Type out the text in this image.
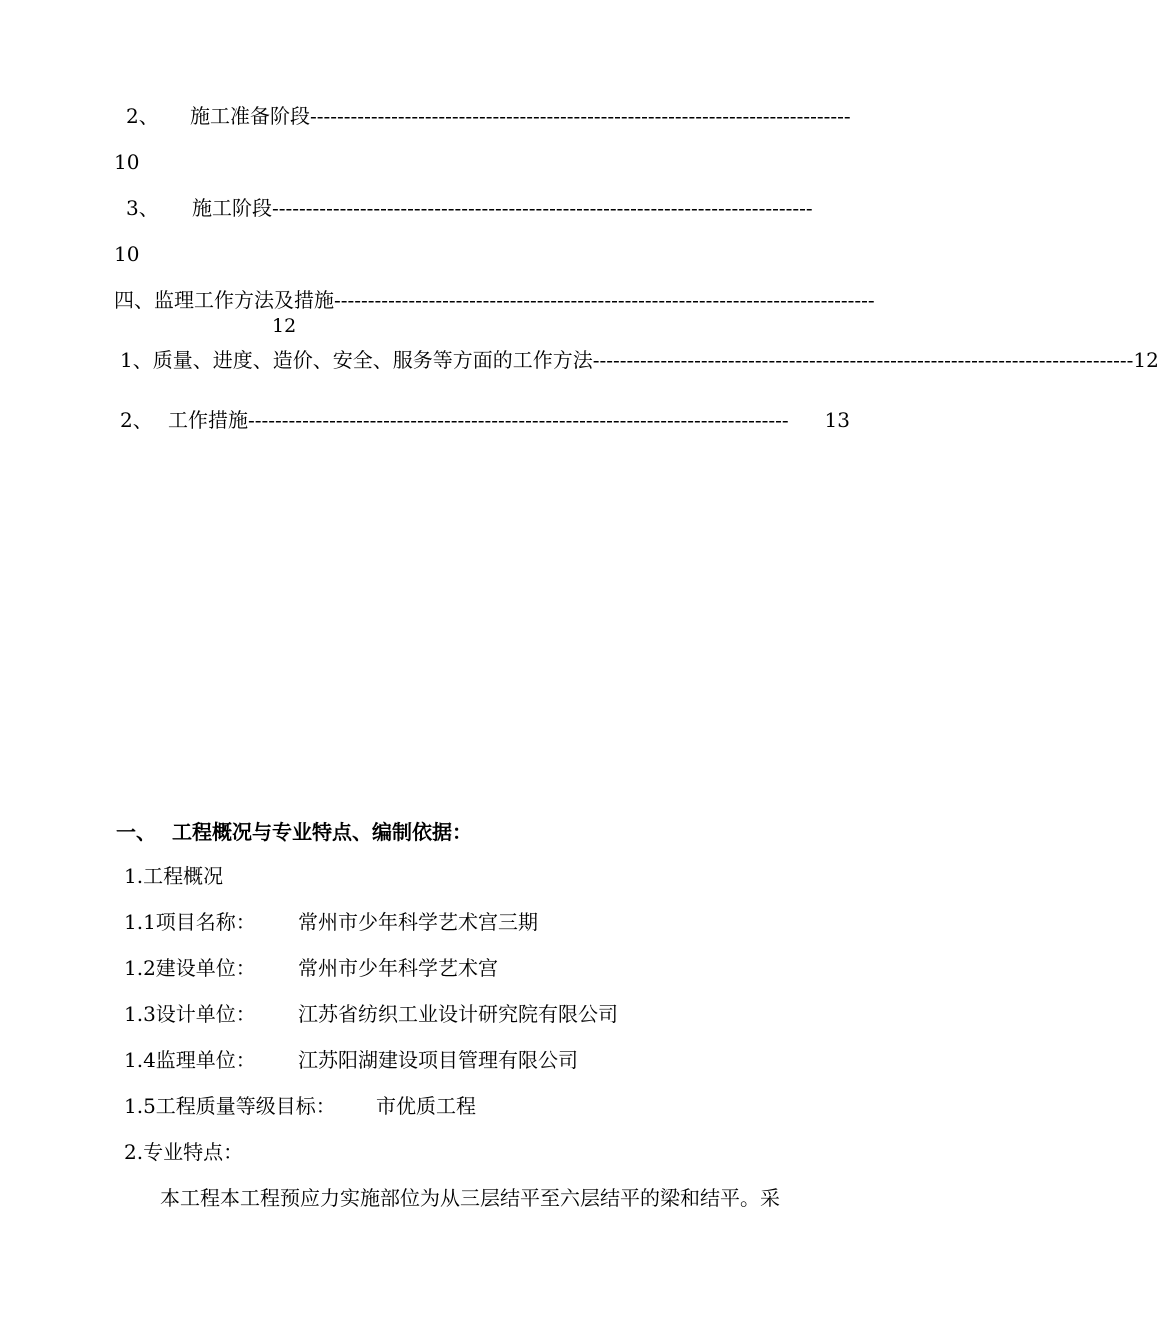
2、	施工准备阶段 --------------------------------------------------------------------------------
10
3、	施工阶段 --------------------------------------------------------------------------------
10
四、 监理工作方法及措施 --------------------------------------------------------------------------------
12
1、 质量、进度、造价、安全、服务等方面的工作方法 -------------------------------------------------------------------------------- 12
2、 工作措施 --------------------------------------------------------------------------------	13
一、 工程概况与专业特点、编制依据：
1.工程概况
1.1项目名称： 常州市少年科学艺术宫三期
1.2建设单位： 常州市少年科学艺术宫
1.3设计单位： 江苏省纺织工业设计研究院有限公司
1.4监理单位： 江苏阳湖建设项目管理有限公司
1.5工程质量等级目标： 市优质工程
2.专业特点：
本工程本工程预应力实施部位为从三层结平至六层结平的梁和结平。采
